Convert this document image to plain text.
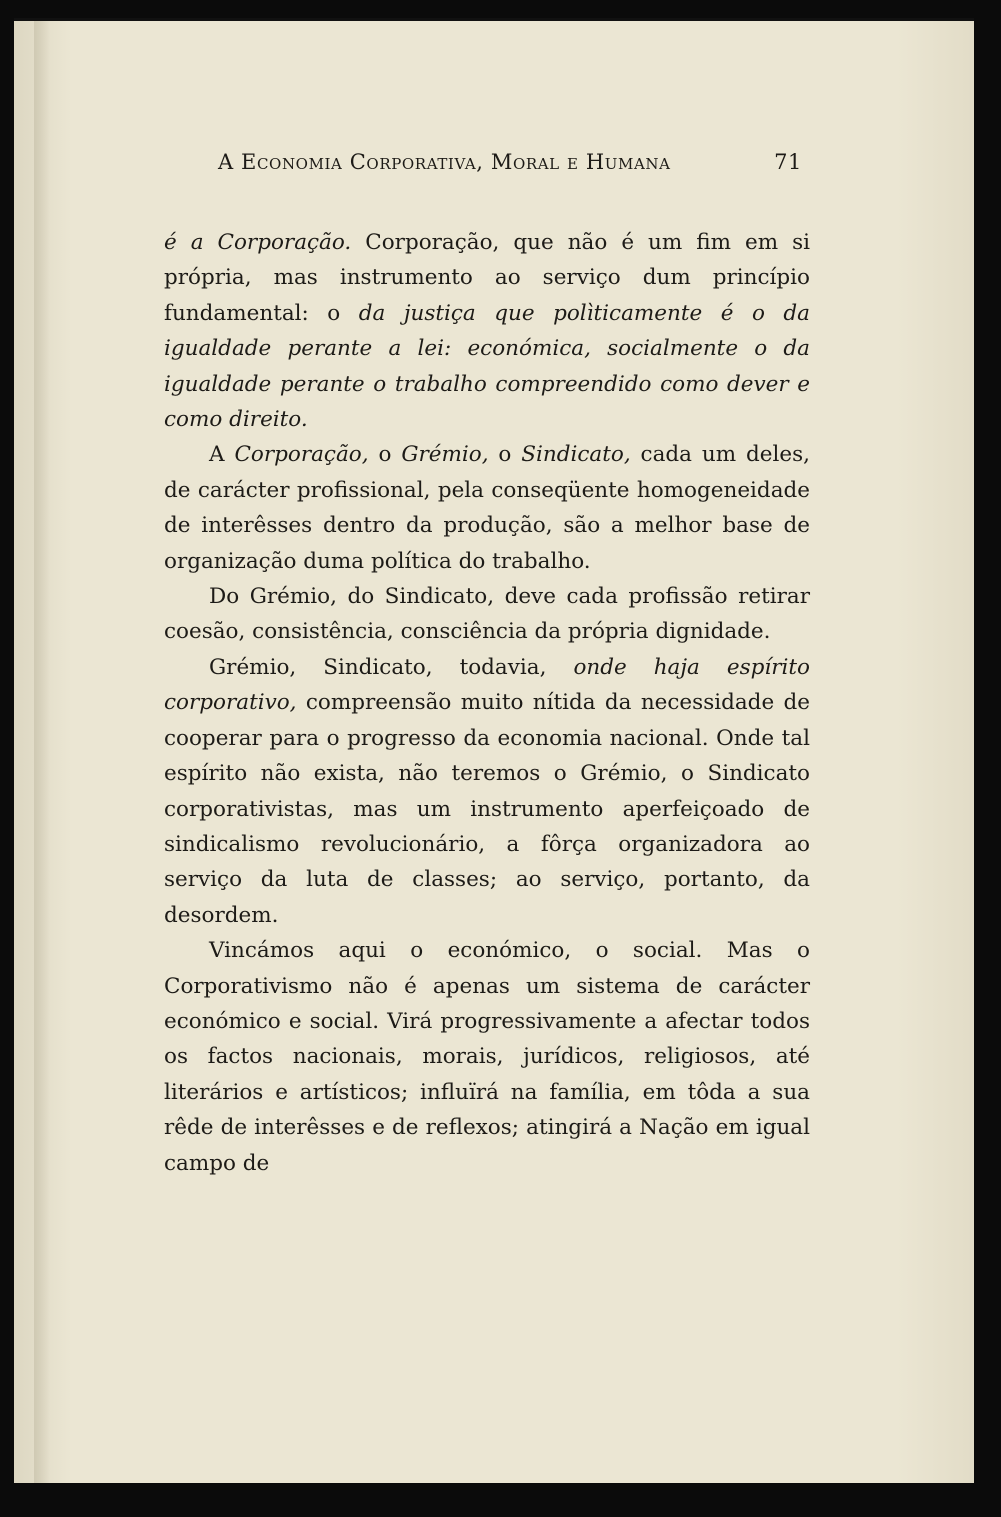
A Economia Corporativa, Moral e Humana	71

é a Corporação. Corporação, que não é um fim em si própria, mas instrumento ao serviço dum princípio fundamental: o da justiça que polìticamente é o da igualdade perante a lei: económica, socialmente o da igualdade perante o trabalho compreendido como dever e como direito.

A Corporação, o Grémio, o Sindicato, cada um deles, de carácter profissional, pela conseqüente homogeneidade de interêsses dentro da produção, são a melhor base de organização duma política do trabalho.

Do Grémio, do Sindicato, deve cada profissão retirar coesão, consistência, consciência da própria dignidade.

Grémio, Sindicato, todavia, onde haja espírito corporativo, compreensão muito nítida da necessidade de cooperar para o progresso da economia nacional. Onde tal espírito não exista, não teremos o Grémio, o Sindicato corporativistas, mas um instrumento aperfeiçoado de sindicalismo revolucionário, a fôrça organizadora ao serviço da luta de classes; ao serviço, portanto, da desordem.

Vincámos aqui o económico, o social. Mas o Corporativismo não é apenas um sistema de carácter económico e social. Virá progressivamente a afectar todos os factos nacionais, morais, jurídicos, religiosos, até literários e artísticos; influïrá na família, em tôda a sua rêde de interêsses e de reflexos; atingirá a Nação em igual campo de
